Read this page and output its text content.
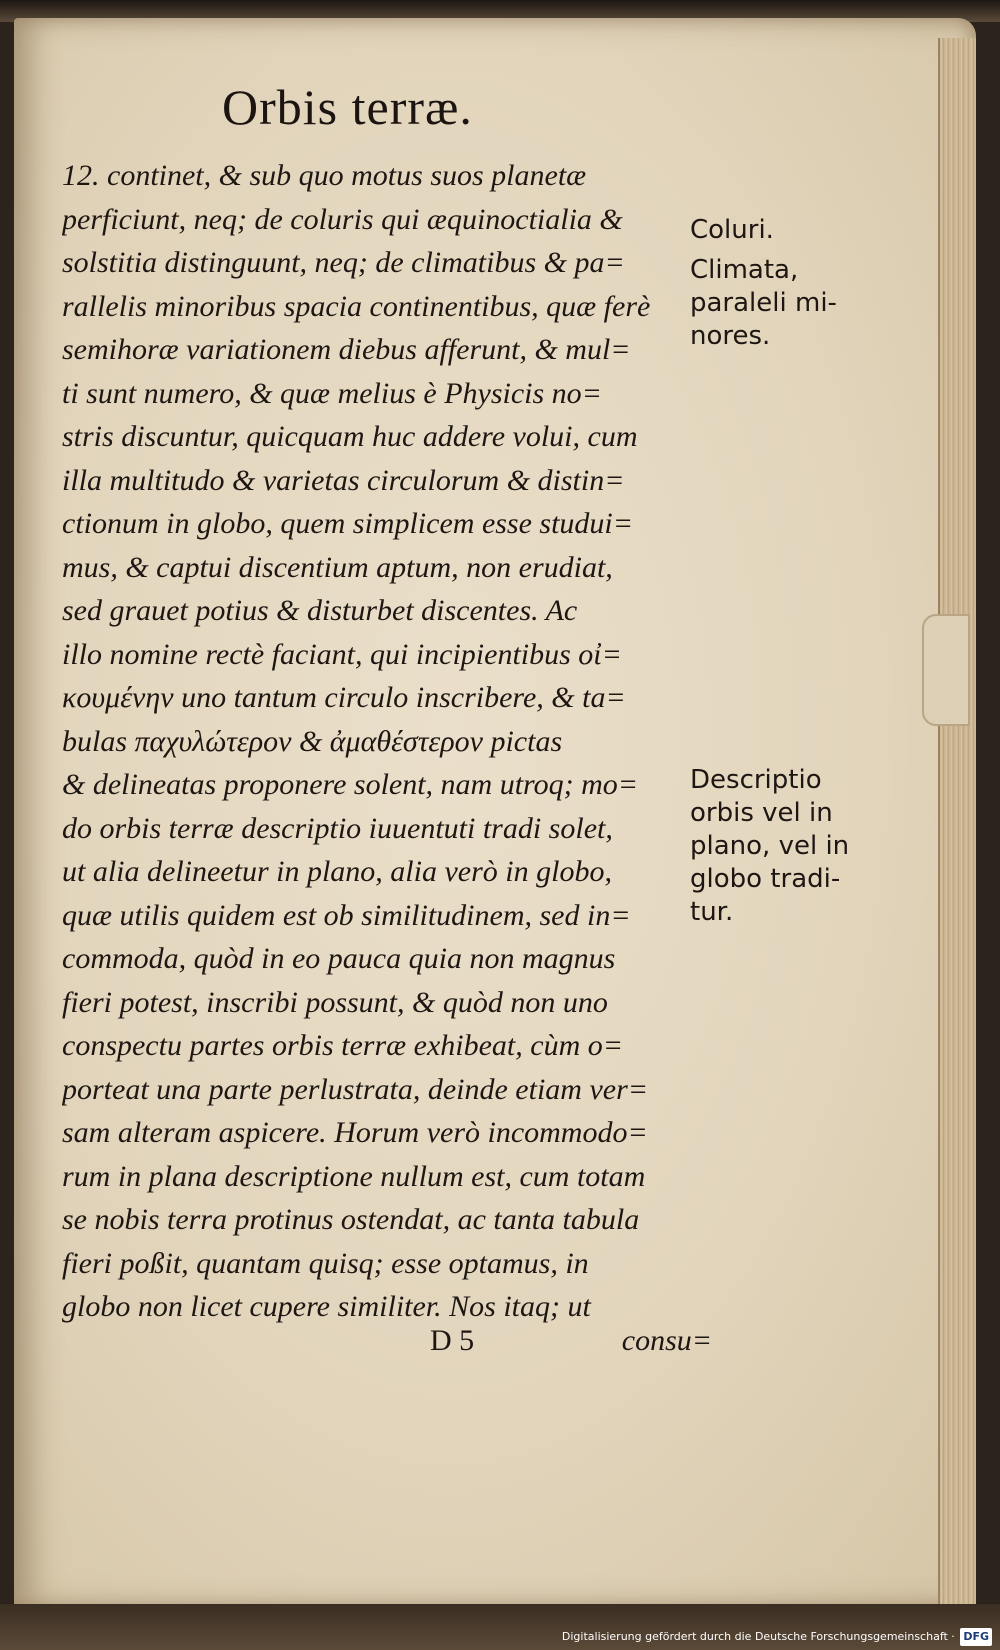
Orbis terræ.
12. continet, & sub quo motus suos planetæ
perficiunt, neq; de coluris qui æquinoctialia &
solstitia distinguunt, neq; de climatibus & pa=
rallelis minoribus spacia continentibus, quæ ferè
semihoræ variationem diebus afferunt, & mul=
ti sunt numero, & quæ melius è Physicis no=
stris discuntur, quicquam huc addere volui, cum
illa multitudo & varietas circulorum & distin=
ctionum in globo, quem simplicem esse studui=
mus, & captui discentium aptum, non erudiat,
sed grauet potius & disturbet discentes. Ac
illo nomine rectè faciant, qui incipientibus οἰ=
κουμένην uno tantum circulo inscribere, & ta=
bulas παχυλώτερον & ἀμαθέστερον pictas
& delineatas proponere solent, nam utroq; mo=
do orbis terræ descriptio iuuentuti tradi solet,
ut alia delineetur in plano, alia verò in globo,
quæ utilis quidem est ob similitudinem, sed in=
commoda, quòd in eo pauca quia non magnus
fieri potest, inscribi possunt, & quòd non uno
conspectu partes orbis terræ exhibeat, cùm o=
porteat una parte perlustrata, deinde etiam ver=
sam alteram aspicere. Horum verò incommodo=
rum in plana descriptione nullum est, cum totam
se nobis terra protinus ostendat, ac tanta tabula
fieri poßit, quantam quisq; esse optamus, in
globo non licet cupere similiter. Nos itaq; ut
Coluri.
Climata,
paraleli mi-
nores.
Descriptio
orbis vel in
plano, vel in
globo tradi-
tur.
D 5	consu=
Digitalisierung gefördert durch die Deutsche Forschungsgemeinschaft · DFG
